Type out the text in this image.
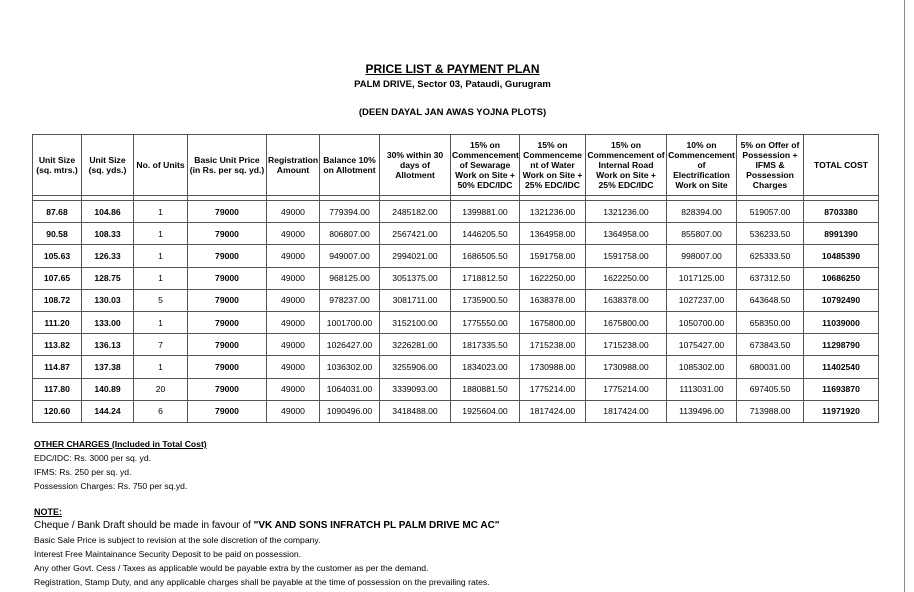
PRICE LIST & PAYMENT PLAN
PALM DRIVE, Sector 03, Pataudi, Gurugram
(DEEN DAYAL JAN AWAS YOJNA PLOTS)
Unit Size (sq. mtrs.)	Unit Size (sq. yds.)	No. of Units	Basic Unit Price (in Rs. per sq. yd.)	Registration Amount	Balance 10% on Allotment	30% within 30 days of Allotment	15% on Commencement of Sewarage Work on Site + 50% EDC/IDC	15% on Commenceme nt of Water Work on Site + 25% EDC/IDC	15% on Commencement of Internal Road Work on Site + 25% EDC/IDC	10% on Commencement of Electrification Work on Site	5% on Offer of Possession + IFMS & Possession Charges	TOTAL COST

87.68	104.86	1	79000	49000	779394.00	2485182.00	1399881.00	1321236.00	1321236.00	828394.00	519057.00	8703380
90.58	108.33	1	79000	49000	806807.00	2567421.00	1446205.50	1364958.00	1364958.00	855807.00	536233.50	8991390
105.63	126.33	1	79000	49000	949007.00	2994021.00	1686505.50	1591758.00	1591758.00	998007.00	625333.50	10485390
107.65	128.75	1	79000	49000	968125.00	3051375.00	1718812.50	1622250.00	1622250.00	1017125.00	637312.50	10686250
108.72	130.03	5	79000	49000	978237.00	3081711.00	1735900.50	1638378.00	1638378.00	1027237.00	643648.50	10792490
111.20	133.00	1	79000	49000	1001700.00	3152100.00	1775550.00	1675800.00	1675800.00	1050700.00	658350.00	11039000
113.82	136.13	7	79000	49000	1026427.00	3226281.00	1817335.50	1715238.00	1715238.00	1075427.00	673843.50	11298790
114.87	137.38	1	79000	49000	1036302.00	3255906.00	1834023.00	1730988.00	1730988.00	1085302.00	680031.00	11402540
117.80	140.89	20	79000	49000	1064031.00	3339093.00	1880881.50	1775214.00	1775214.00	1113031.00	697405.50	11693870
120.60	144.24	6	79000	49000	1090496.00	3418488.00	1925604.00	1817424.00	1817424.00	1139496.00	713988.00	11971920
OTHER CHARGES (Included in Total Cost)
EDC/IDC: Rs. 3000 per sq. yd.
IFMS: Rs. 250 per sq. yd.
Possession Charges: Rs. 750 per sq.yd.
NOTE:
Cheque / Bank Draft should be made in favour of "VK AND SONS INFRATCH PL PALM DRIVE MC AC"
Basic Sale Price is subject to revision at the sole discretion of the company.
Interest Free Maintainance Security Deposit to be paid on possession.
Any other Govt. Cess / Taxes as applicable would be payable extra by the customer as per the demand.
Registration, Stamp Duty, and any applicable charges shall be payable at the time of possession on the prevailing rates.
